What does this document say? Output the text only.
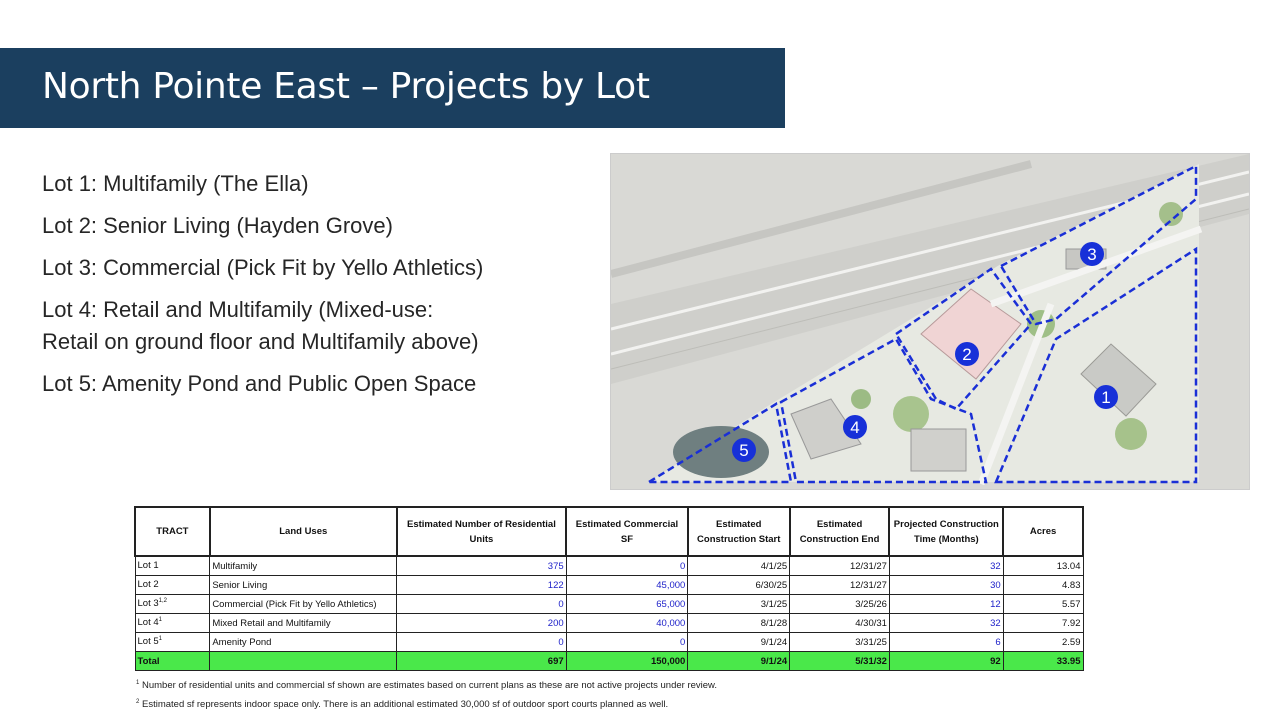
North Pointe East – Projects by Lot
Lot 1: Multifamily (The Ella)
Lot 2: Senior Living (Hayden Grove)
Lot 3: Commercial (Pick Fit by Yello Athletics)
Lot 4: Retail and Multifamily (Mixed-use: Retail on ground floor and Multifamily above)
Lot 5: Amenity Pond and Public Open Space
1
2
3
4
5
TRACT	Land Uses	Estimated Number of Residential Units	Estimated Commercial SF	Estimated Construction Start	Estimated Construction End	Projected Construction Time (Months)	Acres
Lot 1	Multifamily	375	0	4/1/25	12/31/27	32	13.04
Lot 2	Senior Living	122	45,000	6/30/25	12/31/27	30	4.83
Lot 3$^{1,2}$	Commercial (Pick Fit by Yello Athletics)	0	65,000	3/1/25	3/25/26	12	5.57
Lot $4^1$	Mixed Retail and Multifamily	200	40,000	8/1/28	4/30/31	32	7.92
Lot $5^1$	Amenity Pond	0	0	9/1/24	3/31/25	6	2.59
Total		697	150,000	9/1/24	5/31/32	92	33.95
$^1$ Number of residential units and commercial sf shown are estimates based on current plans as these are not active projects under review.
$^2$ Estimated sf represents indoor space only. There is an additional estimated 30,000 sf of outdoor sport courts planned as well.
